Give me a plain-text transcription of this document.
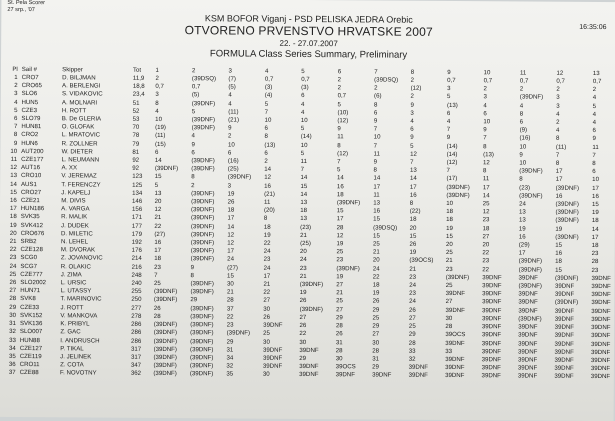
St. Pela Scorer
27 srp., '07
KSM BOFOR Viganj - PSD PELISKA JEDRA Orebic
OTVORENO PRVENSTVO HRVATSKE 2007
22. - 27.07.2007
FORMULA Class Series Summary, Preliminary
16:35:06
Pl	Sail #	Skipper	Tot	1	2	3	4	5	6	7	8	9	10	11	12	13
1	CRO7	D. BILJMAN	11,9	2	(39DSQ)	(7)	0,7	0,7	2	(39DSQ)	2	0,7	0,7	0,7	0,7	0,7
2	CRO65	A. BERLENGI	18,8	0,7	0,7	(5)	(3)	(3)	2	2	(12)	3	2	2	2	2
3	SLO6	S. VIDAKOVIC	23,4	3	(5)	4	(4)	6	0,7	(6)	2	5	3	(39DNF)	3	4
4	HUN5	A. MOLNARI	51	8	(39DNF)	4	5	4	5	8	9	(13)	4	4	3	5
5	CZE3	H. ROTT	52	4	5	(11)	7	4	(10)	6	3	6	6	8	4	4
6	SLO79	B. De GLERIA	53	10	(39DNF)	(21)	10	10	(12)	9	4	4	10	6	2	4
7	HUN81	O. GLOFAK	70	(19)	(39DNF)	9	6	5	9	7	6	7	9	(9)	4	6
8	CRO2	L. MRATOVIC	78	(11)	4	2	8	(14)	11	10	9	9	7	(16)	8	9
9	HUN6	R. ZOLLNER	79	(15)	9	10	(13)	10	8	7	5	(14)	8	10	(11)	11
10	AUT200	W. DIETER	81	6	6	6	6	5	(12)	11	12	(14)	(13)	9	7	7
11	CZE177	L. NEUMANN	92	14	(39DNF)	(16)	2	11	7	9	7	(12)	12	10	8	8
12	AUT16	A. XX	92	(39DNF)	(39DNF)	(25)	14	7	5	8	13	7	8	(39DNF)	17	6
13	CRO10	V. JEREMAZ	123	15	8	(39DNF)	12	14	14	14	14	(17)	11	8	17	10
14	AUS1	T. FERENCZY	125	5	2	3	16	15	16	17	17	(39DNF)	17	(23)	(39DNF)	17
15	CRO27	J. KAPELJ	134	13	(39DNF)	19	(21)	14	18	11	16	(39DNF)	14	(39DNF)	16	16
16	CZE21	M. DIVIS	146	20	(39DNF)	26	11	13	(39DNF)	13	8	10	25	24	(39DNF)	15
17	HUN186	A. VARGA	156	12	(39DNF)	18	(20)	18	15	16	(22)	18	12	13	(39DNF)	19
18	SVK35	R. MALIK	171	21	(39DNF)	17	8	13	17	15	18	18	23	13	(39DNF)	18
19	SVK412	J. DUDEK	177	22	(39DNF)	14	18	(23)	28	(39DSQ)	20	19	18	19	19	14
20	CRO676	D. MILETIC	179	(27)	(39DNF)	12	19	21	12	15	15	15	27	16	(39DNF)	17
21	SRB2	N. LEHEL	192	16	(39DNF)	12	22	(25)	19	25	26	20	20	(29)	15	18
22	CZE128	M. DVORAK	176	17	(39DNF)	17	24	20	25	21	19	25	22	17	16	23
23	SCG0	Z. JOVANOVIC	214	18	(39DNF)	24	23	24	23	20	(39OCS)	21	23	(39DNF)	18	28
24	SCG7	R. OLAKIC	216	23	9	(27)	24	23	(39DNF)	24	21	23	22	(39DNF)	15	23
25	CZE777	J. ZIMA	248	7	8	15	17	21	19	22	23	(39DNF)	39DNF	39DNF	(39DNF)	39DNF
26	SLO2002	L. URSIC	240	25	(39DNF)	30	21	(39DNF)	27	18	24	25	39DNF	(39DNF)	39DNF	39DNF
27	HUN71	L. UTASSY	255	(39DNF)	(39DNF)	21	22	19	21	19	23	39DNF	39DNF	39DNF	39DNF	39DNF
28	SVK8	T. MARINOVIC	250	(39DNF)	29	28	27	26	25	26	24	27	39DNF	39DNF	(39DNF)	39DNF
29	CZE33	J. ROTT	277	26	(39DNF)	37	30	(39DNF)	27	29	26	39DNF	39DNF	39DNF	39DNF	39DNF
30	SVK152	V. MANKOVA	278	28	(39DNF)	22	26	27	29	25	27	30	39DNF	(39DNF)	39DNF	39DNF
31	SVK136	K. PRIBYL	286	(39DNF)	(39DNF)	23	39DNF	26	28	29	25	28	39DNF	39DNF	39DNF	39DNF
32	SLO007	Z. GAC	286	(39DNF)	(39DNF)	(39DNF)	25	22	26	27	29	39OCS	39DNF	39DNF	39DNF	39DNF
33	HUN88	I. ANDRUSCH	286	(39DNF)	(39DNF)	29	30	30	31	30	28	39DNF	39DNF	39DNF	39DNF	39DNF
34	CZE127	P. TIKAL	317	(39DNF)	(39DNF)	31	39DNF	39DNF	28	28	33	33	39DNF	39DNF	39DNF	39DNF
35	CZE119	J. JELINEK	317	(39DNF)	(39DNF)	34	39DNF	29	30	31	32	39DNF	39DNF	39DNF	39DNF	39DNF
36	CRO11	Z. COTA	347	(39DNF)	(39DNF)	32	39DNF	39DNF	39OCS	29	39DNF	39DNF	39DNF	39DNF	39DNF	39DNF
37	CZE88	F. NOVOTNY	362	(39DNF)	(39DNF)	35	30	39DNF	39DNF	39DNF	39DNF	39DNF	39DNF	39DNF	39DNF	39DNF
